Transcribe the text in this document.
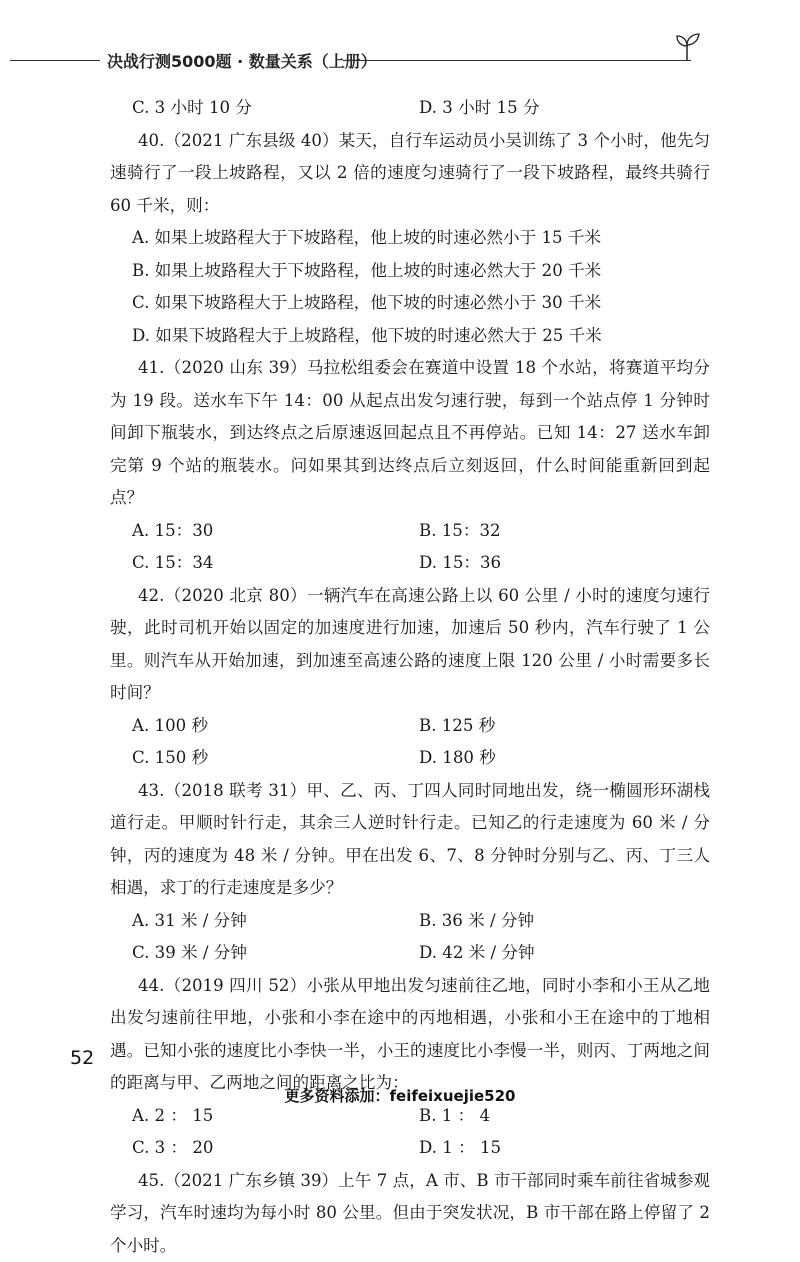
决战行测5000题 · 数量关系（上册）
C. 3 小时 10 分	D. 3 小时 15 分
40.（2021 广东县级 40）某天，自行车运动员小吴训练了 3 个小时，他先匀速骑行了一段上坡路程，又以 2 倍的速度匀速骑行了一段下坡路程，最终共骑行 60 千米，则：
A. 如果上坡路程大于下坡路程，他上坡的时速必然小于 15 千米
B. 如果上坡路程大于下坡路程，他上坡的时速必然大于 20 千米
C. 如果下坡路程大于上坡路程，他下坡的时速必然小于 30 千米
D. 如果下坡路程大于上坡路程，他下坡的时速必然大于 25 千米
41.（2020 山东 39）马拉松组委会在赛道中设置 18 个水站，将赛道平均分为 19 段。送水车下午 14：00 从起点出发匀速行驶，每到一个站点停 1 分钟时间卸下瓶装水，到达终点之后原速返回起点且不再停站。已知 14：27 送水车卸完第 9 个站的瓶装水。问如果其到达终点后立刻返回，什么时间能重新回到起点？
A. 15：30	B. 15：32
C. 15：34	D. 15：36
42.（2020 北京 80）一辆汽车在高速公路上以 60 公里 / 小时的速度匀速行驶，此时司机开始以固定的加速度进行加速，加速后 50 秒内，汽车行驶了 1 公里。则汽车从开始加速，到加速至高速公路的速度上限 120 公里 / 小时需要多长时间？
A. 100 秒	B. 125 秒
C. 150 秒	D. 180 秒
43.（2018 联考 31）甲、乙、丙、丁四人同时同地出发，绕一椭圆形环湖栈道行走。甲顺时针行走，其余三人逆时针行走。已知乙的行走速度为 60 米 / 分钟，丙的速度为 48 米 / 分钟。甲在出发 6、7、8 分钟时分别与乙、丙、丁三人相遇，求丁的行走速度是多少？
A. 31 米 / 分钟	B. 36 米 / 分钟
C. 39 米 / 分钟	D. 42 米 / 分钟
44.（2019 四川 52）小张从甲地出发匀速前往乙地，同时小李和小王从乙地出发匀速前往甲地，小张和小李在途中的丙地相遇，小张和小王在途中的丁地相遇。已知小张的速度比小李快一半，小王的速度比小李慢一半，则丙、丁两地之间的距离与甲、乙两地之间的距离之比为：
A. 2 ： 15	B. 1 ： 4
C. 3 ： 20	D. 1 ： 15
45.（2021 广东乡镇 39）上午 7 点，A 市、B 市干部同时乘车前往省城参观学习，汽车时速均为每小时 80 公里。但由于突发状况，B 市干部在路上停留了 2 个小时。
52
更多资料添加：feifeixuejie520
